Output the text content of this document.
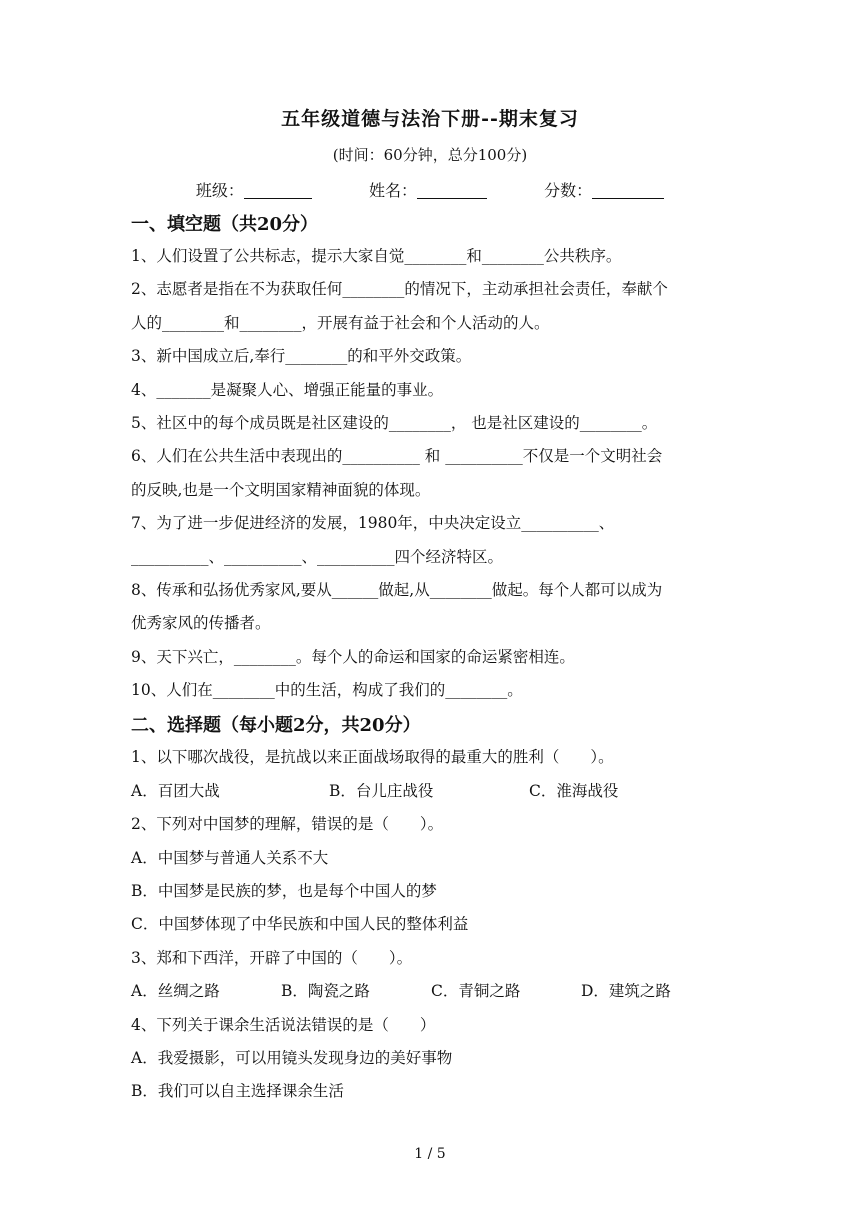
五年级道德与法治下册--期末复习
(时间：60分钟，总分100分)
班级：	姓名：	分数：
一、填空题（共20分）
1、人们设置了公共标志，提示大家自觉________和________公共秩序。
2、志愿者是指在不为获取任何________的情况下，主动承担社会责任，奉献个
人的________和________，开展有益于社会和个人活动的人。
3、新中国成立后,奉行________的和平外交政策。
4、_______是凝聚人心、增强正能量的事业。
5、社区中的每个成员既是社区建设的________， 也是社区建设的________。
6、人们在公共生活中表现出的__________ 和 __________不仅是一个文明社会
的反映,也是一个文明国家精神面貌的体现。
7、为了进一步促进经济的发展，1980年，中央决定设立__________、
__________、__________、__________四个经济特区。
8、传承和弘扬优秀家风,要从______做起,从________做起。每个人都可以成为
优秀家风的传播者。
9、天下兴亡，________。每个人的命运和国家的命运紧密相连。
10、人们在________中的生活，构成了我们的________。
二、选择题（每小题2分，共20分）
1、以下哪次战役，是抗战以来正面战场取得的最重大的胜利（　　）。
A．百团大战	B．台儿庄战役	C．淮海战役
2、下列对中国梦的理解，错误的是（　　）。
A．中国梦与普通人关系不大
B．中国梦是民族的梦，也是每个中国人的梦
C．中国梦体现了中华民族和中国人民的整体利益
3、郑和下西洋，开辟了中国的（　　）。
A．丝绸之路	B．陶瓷之路	C．青铜之路	D．建筑之路
4、下列关于课余生活说法错误的是（　　）
A．我爱摄影，可以用镜头发现身边的美好事物
B．我们可以自主选择课余生活
1 / 5
